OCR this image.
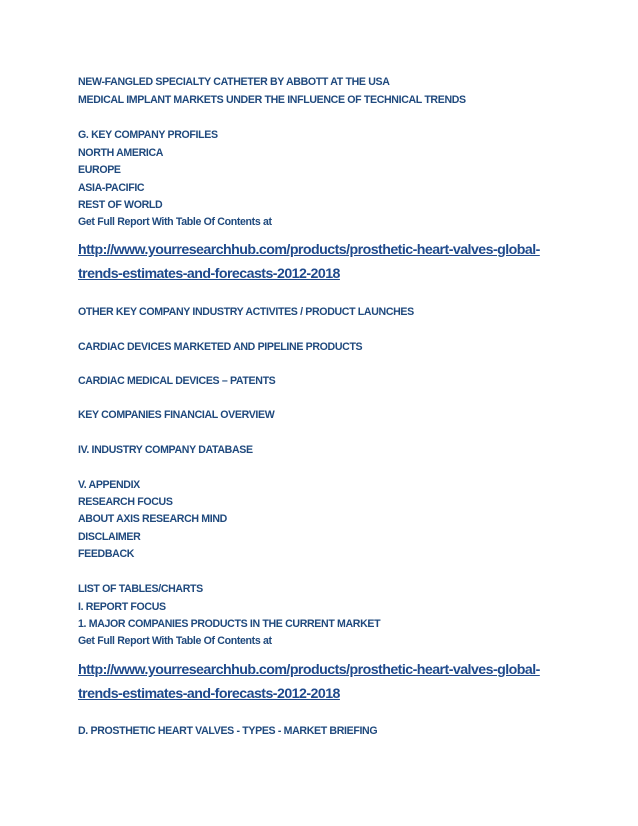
NEW-FANGLED SPECIALTY CATHETER BY ABBOTT AT THE USA
MEDICAL IMPLANT MARKETS UNDER THE INFLUENCE OF TECHNICAL TRENDS
G. KEY COMPANY PROFILES
NORTH AMERICA
EUROPE
ASIA-PACIFIC
REST OF WORLD
Get Full Report With Table Of Contents at
http://www.yourresearchhub.com/products/prosthetic-heart-valves-global-
trends-estimates-and-forecasts-2012-2018
OTHER KEY COMPANY INDUSTRY ACTIVITES / PRODUCT LAUNCHES
CARDIAC DEVICES MARKETED AND PIPELINE PRODUCTS
CARDIAC MEDICAL DEVICES – PATENTS
KEY COMPANIES FINANCIAL OVERVIEW
IV. INDUSTRY COMPANY DATABASE
V. APPENDIX
RESEARCH FOCUS
ABOUT AXIS RESEARCH MIND
DISCLAIMER
FEEDBACK
LIST OF TABLES/CHARTS
I. REPORT FOCUS
1. MAJOR COMPANIES PRODUCTS IN THE CURRENT MARKET
Get Full Report With Table Of Contents at
http://www.yourresearchhub.com/products/prosthetic-heart-valves-global-
trends-estimates-and-forecasts-2012-2018
D. PROSTHETIC HEART VALVES - TYPES - MARKET BRIEFING
